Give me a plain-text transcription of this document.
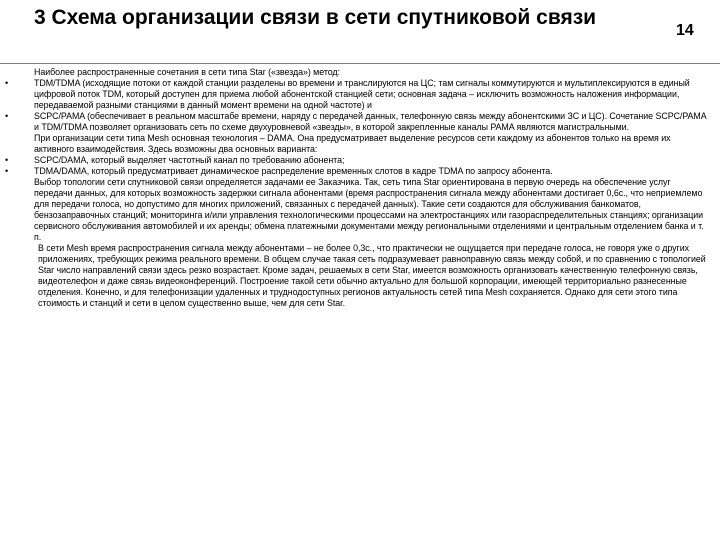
3 Схема организации связи в сети спутниковой связи
14
Наиболее распространенные сочетания в сети типа Star («звезда») метод:
•	TDM/TDMA (исходящие потоки от каждой станции разделены во времени и транслируются на ЦС; там сигналы коммутируются и мультиплексируются в единый цифровой поток TDM, который доступен для приема любой абонентской станцией сети; основная задача – исключить возможность наложения информации, передаваемой разными станциями в данный момент времени на одной частоте) и
•	SCPC/PAMA (обеспечивает в реальном масштабе времени, наряду с передачей данных, телефонную связь между абонентскими ЗС и ЦС). Сочетание SCPC/PAMA и TDM/TDMA позволяет организовать сеть по схеме двухуровневой «звезды», в которой закрепленные каналы PAMA являются магистральными.
При организации сети типа Mesh основная технология – DAMA. Она предусматривает выделение ресурсов сети каждому из абонентов только на время их активного взаимодействия. Здесь возможны два основных варианта:
•	SCPC/DAMA, который выделяет частотный канал по требованию абонента;
•	TDMA/DAMA, который предусматривает динамическое распределение временных слотов в кадре TDMA по запросу абонента.
Выбор топологии сети спутниковой связи определяется задачами ее Заказчика. Так, сеть типа Star ориентирована в первую очередь на обеспечение услуг передачи данных, для которых возможность задержки сигнала абонентами (время распространения сигнала между абонентами достигает 0,6с., что неприемлемо для передачи голоса, но допустимо для многих приложений, связанных с передачей данных). Такие сети создаются для обслуживания банкоматов, бензозаправочных станций; мониторинга и/или управления технологическими процессами на электростанциях или газораспределительных станциях; организации сервисного обслуживания автомобилей и их аренды; обмена платежными документами между региональными отделениями и центральным отделением банка и т. п.
В сети Mesh время распространения сигнала между абонентами – не более 0,3с., что практически не ощущается при передаче голоса, не говоря уже о других приложениях, требующих режима реального времени. В общем случае такая сеть подразумевает равноправную связь между собой, и по сравнению с топологией Star число направлений связи здесь резко возрастает. Кроме задач, решаемых в сети Star, имеется возможность организовать качественную телефонную связь, видеотелефон и даже связь видеоконференций. Построение такой сети обычно актуально для большой корпорации, имеющей территориально разнесенные отделения. Конечно, и для телефонизации удаленных и труднодоступных регионов актуальность сетей типа Mesh сохраняется. Однако для сети этого типа стоимость и станций и сети в целом существенно выше, чем для сети Star.
